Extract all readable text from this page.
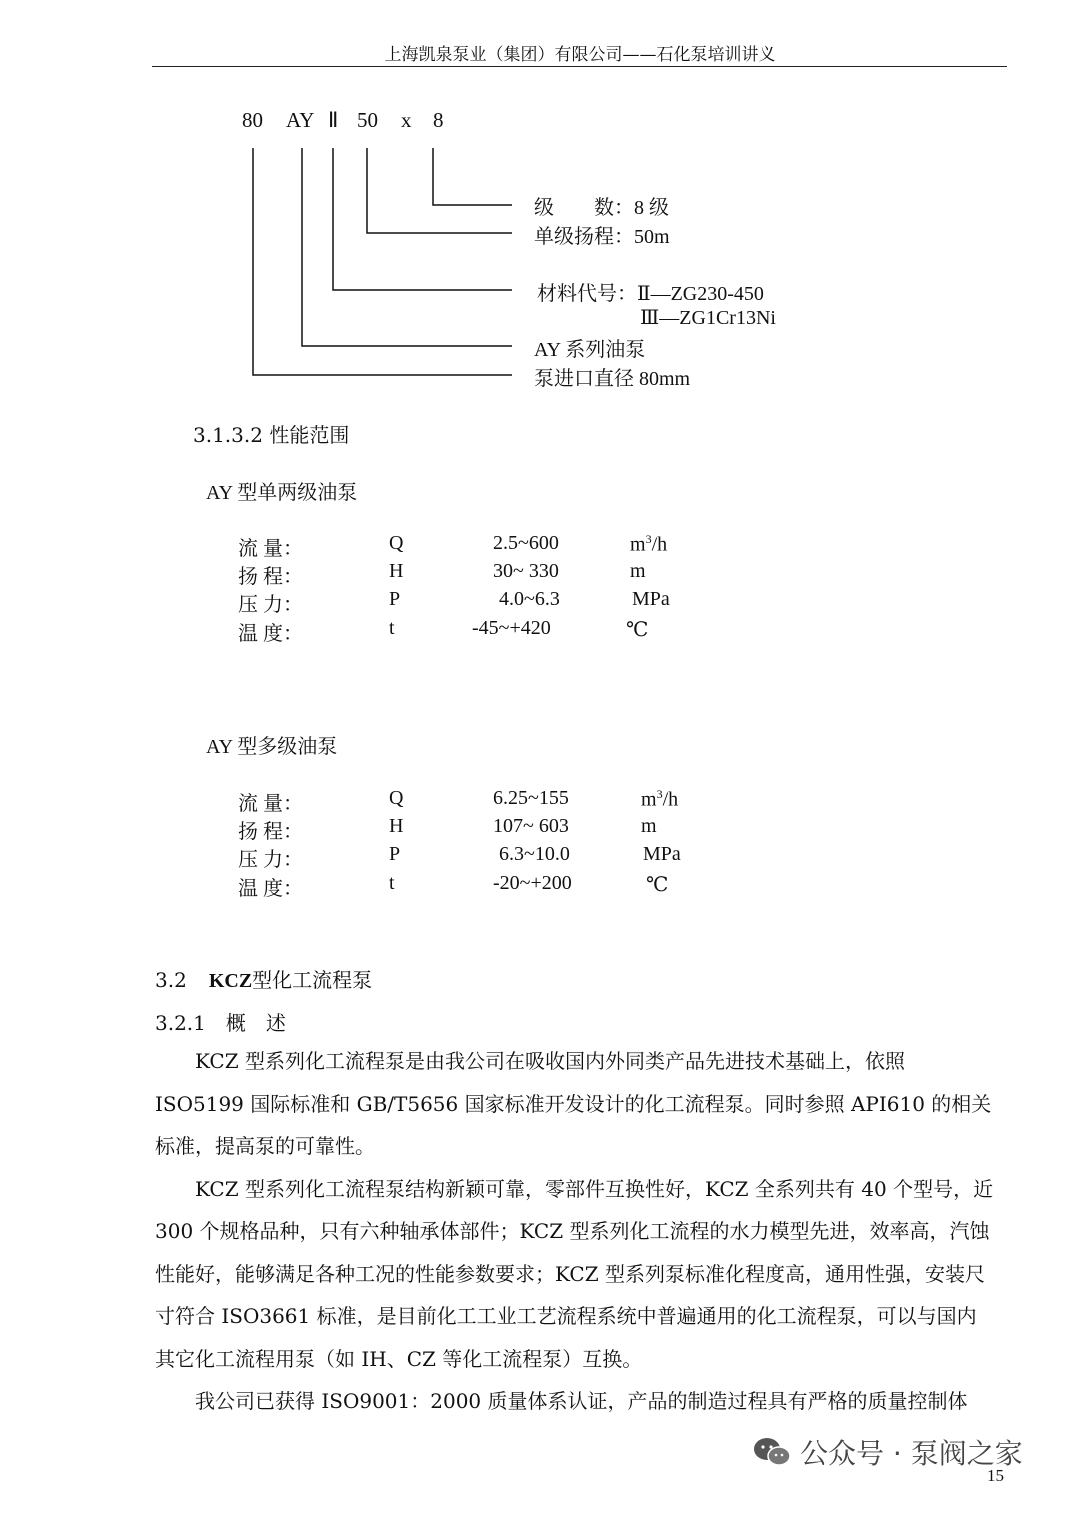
上海凯泉泵业（集团）有限公司——石化泵培训讲义
80 AY Ⅱ 50 x 8
级　　数：8 级
单级扬程：50m
材料代号：Ⅱ—ZG230-450
Ⅲ—ZG1Cr13Ni
AY 系列油泵
泵进口直径 80mm
3.1.3.2 性能范围
AY 型单两级油泵
流 量：	Q	2.5~600	$m^3/h$
扬 程：	H	30~ 330	m
压 力：	P	4.0~6.3	MPa
温 度：	t	-45~+420	℃
AY 型多级油泵
流 量：	Q	6.25~155	$m^3/h$
扬 程：	H	107~ 603	m
压 力：	P	6.3~10.0	MPa
温 度：	t	-20~+200	℃
3.2 KCZ型化工流程泵
3.2.1　概　述

KCZ 型系列化工流程泵是由我公司在吸收国内外同类产品先进技术基础上，依照 ISO5199 国际标准和 GB/T5656 国家标准开发设计的化工流程泵。同时参照 API610 的相关标准，提高泵的可靠性。

KCZ 型系列化工流程泵结构新颖可靠，零部件互换性好，KCZ 全系列共有 40 个型号，近 300 个规格品种，只有六种轴承体部件；KCZ 型系列化工流程的水力模型先进，效率高，汽蚀性能好，能够满足各种工况的性能参数要求；KCZ 型系列泵标准化程度高，通用性强，安装尺寸符合 ISO3661 标准，是目前化工工业工艺流程系统中普遍通用的化工流程泵，可以与国内其它化工流程用泵（如 IH、CZ 等化工流程泵）互换。

我公司已获得 ISO9001：2000 质量体系认证，产品的制造过程具有严格的质量控制体

15
公众号 · 泵阀之家
